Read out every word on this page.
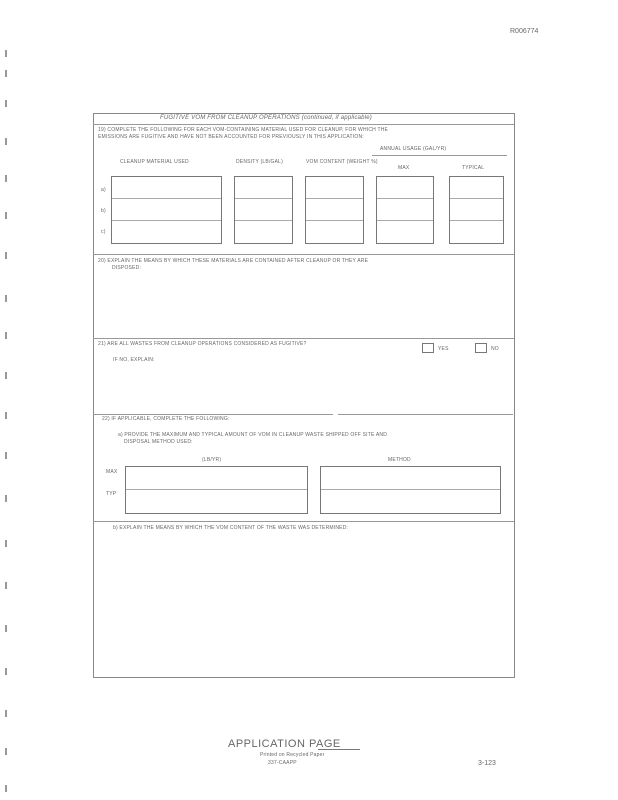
R006774
FUGITIVE VOM FROM CLEANUP OPERATIONS (continued, if applicable)
19) COMPLETE THE FOLLOWING FOR EACH VOM-CONTAINING MATERIAL USED FOR CLEANUP, FOR WHICH THE
EMISSIONS ARE FUGITIVE AND HAVE NOT BEEN ACCOUNTED FOR PREVIOUSLY IN THIS APPLICATION:
ANNUAL USAGE (GAL/YR)
CLEANUP MATERIAL USED	DENSITY (LB/GAL)	VOM CONTENT (WEIGHT %)
MAX	TYPICAL
a)
b)
c)
20) EXPLAIN THE MEANS BY WHICH THESE MATERIALS ARE CONTAINED AFTER CLEANUP OR THEY ARE
DISPOSED:
21) ARE ALL WASTES FROM CLEANUP OPERATIONS CONSIDERED AS FUGITIVE?
YES	NO
IF NO, EXPLAIN:
22) IF APPLICABLE, COMPLETE THE FOLLOWING:
a) PROVIDE THE MAXIMUM AND TYPICAL AMOUNT OF VOM IN CLEANUP WASTE SHIPPED OFF SITE AND
DISPOSAL METHOD USED:
(LB/YR)	METHOD
MAX
TYP
b) EXPLAIN THE MEANS BY WHICH THE VOM CONTENT OF THE WASTE WAS DETERMINED:
APPLICATION PAGE
Printed on Recycled Paper
337-CAAPP	3-123
